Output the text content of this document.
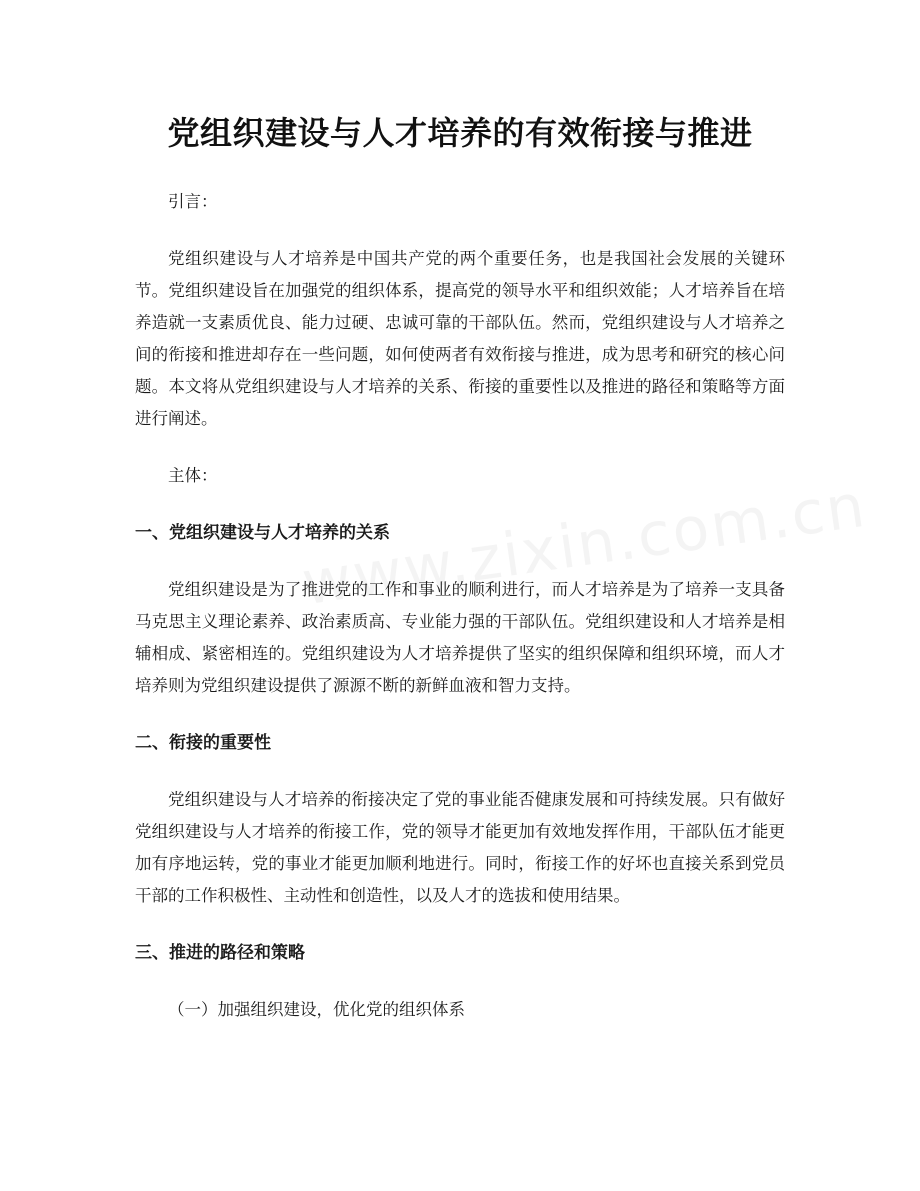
党组织建设与人才培养的有效衔接与推进

引言：

党组织建设与人才培养是中国共产党的两个重要任务，也是我国社会发展的关键环节。党组织建设旨在加强党的组织体系，提高党的领导水平和组织效能；人才培养旨在培养造就一支素质优良、能力过硬、忠诚可靠的干部队伍。然而，党组织建设与人才培养之间的衔接和推进却存在一些问题，如何使两者有效衔接与推进，成为思考和研究的核心问题。本文将从党组织建设与人才培养的关系、衔接的重要性以及推进的路径和策略等方面进行阐述。

主体：

一、党组织建设与人才培养的关系

党组织建设是为了推进党的工作和事业的顺利进行，而人才培养是为了培养一支具备马克思主义理论素养、政治素质高、专业能力强的干部队伍。党组织建设和人才培养是相辅相成、紧密相连的。党组织建设为人才培养提供了坚实的组织保障和组织环境，而人才培养则为党组织建设提供了源源不断的新鲜血液和智力支持。

二、衔接的重要性

党组织建设与人才培养的衔接决定了党的事业能否健康发展和可持续发展。只有做好党组织建设与人才培养的衔接工作，党的领导才能更加有效地发挥作用，干部队伍才能更加有序地运转，党的事业才能更加顺利地进行。同时，衔接工作的好坏也直接关系到党员干部的工作积极性、主动性和创造性，以及人才的选拔和使用结果。

三、推进的路径和策略

（一）加强组织建设，优化党的组织体系
